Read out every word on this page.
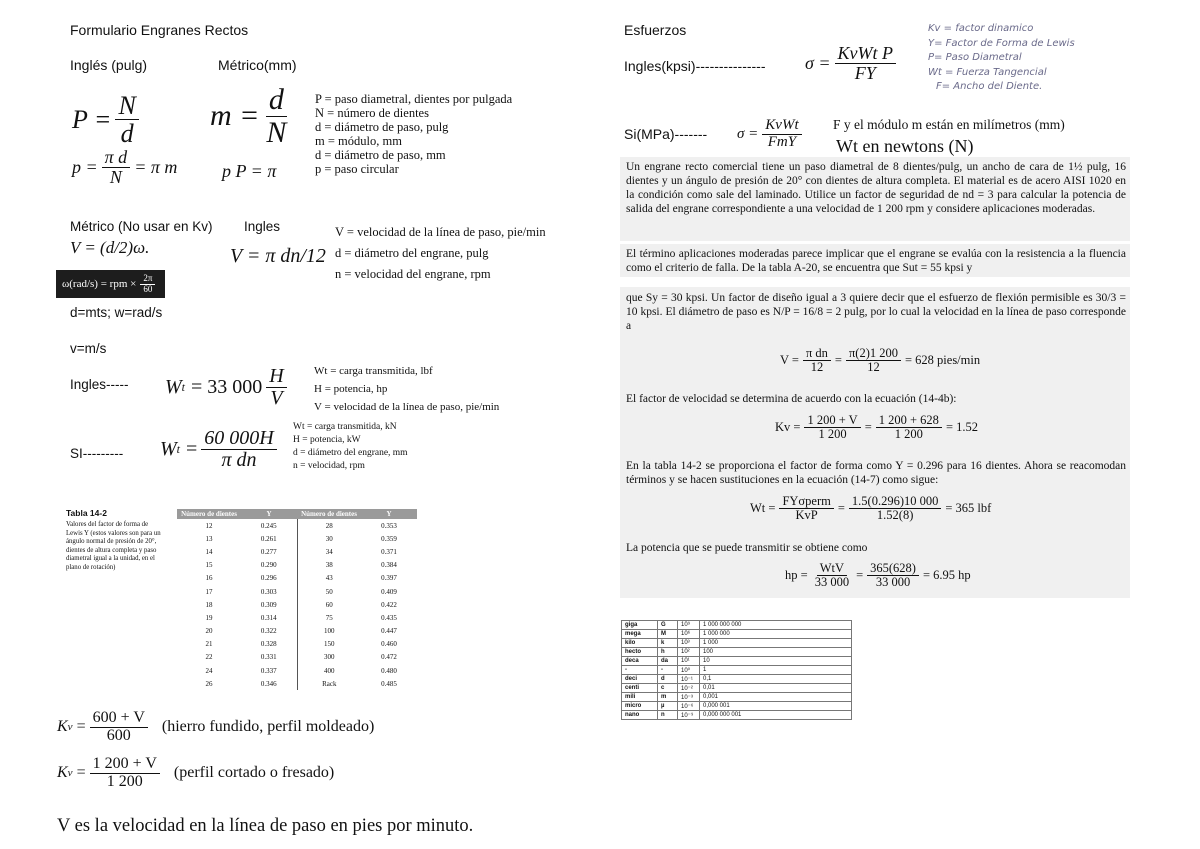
Formulario Engranes Rectos
Inglés (pulg)	Métrico(mm)
$P = \frac{N}{d}$ $m = \frac{d}{N}$ P = paso diametral, dientes por pulgada
N = número de dientes
d = diámetro de paso, pulg
m = módulo, mm
d = diámetro de paso, mm
p = paso circular
$p = \frac{\text{π d}}{N} = \pi$ m p P = π
Métrico (No usar en Kv) Ingles
V = (d/2)ω.	V = π dn/12
V = velocidad de la línea de paso, pie/min
d = diámetro del engrane, pulg
n = velocidad del engrane, rpm
ω(rad/s) = rpm × $\frac{2\pi}{60}$
d=mts; w=rad/s
v=m/s
Ingles----- W t = 33 $000 \frac{H}{V}$ Wt = carga transmitida, lbf
H = potencia, hp
V = velocidad de la línea de paso, pie/min
SI--------- W $t = \frac{60 000H}{\text{π dn}}$
Wt = carga transmitida, kN
H = potencia, kW
d = diámetro del engrane, mm
n = velocidad, rpm
Tabla 14-2
Valores del factor de forma de Lewis Y (estos valores son para un ángulo normal de presión de 20°, dientes de altura completa y paso diametral igual a la unidad, en el plano de rotación)
Número de dientes	Y	Número de dientes	Y
12	0.245	28	0.353
13	0.261	30	0.359
14	0.277	34	0.371
15	0.290	38	0.384
16	0.296	43	0.397
17	0.303	50	0.409
18	0.309	60	0.422
19	0.314	75	0.435
20	0.322	100	0.447
21	0.328	150	0.460
22	0.331	300	0.472
24	0.337	400	0.480
26	0.346	Rack	0.485
K $v = \frac{600 + V}{600}$ (hierro fundido, perfil moldeado)
K $v = \frac{1 200 + V}{1 200}$ (perfil cortado o fresado)
V es la velocidad en la línea de paso en pies por minuto.
Esfuerzos
Ingles(kpsi)--------------- $\sigma = \frac{\text{KvWt P}}{FY}$
Kv = factor dinamico
Y= Factor de Forma de Lewis
P= Paso Diametral
Wt = Fuerza Tangencial
F= Ancho del Diente.
Si(MPa)------- $\sigma = \frac{\text{KvWt}}{\text{FmY}}$ F y el módulo m están en milímetros (mm)
Wt en newtons (N)
Un engrane recto comercial tiene un paso diametral de 8 dientes/pulg, un ancho de cara de 1½ pulg, 16 dientes y un ángulo de presión de 20° con dientes de altura completa. El material es de acero AISI 1020 en la condición como sale del laminado. Utilice un factor de seguridad de nd = 3 para calcular la potencia de salida del engrane correspondiente a una velocidad de 1 200 rpm y considere aplicaciones moderadas.
El término aplicaciones moderadas parece implicar que el engrane se evalúa con la resistencia a la fluencia como el criterio de falla. De la tabla A-20, se encuentra que Sut = 55 kpsi y
que Sy = 30 kpsi. Un factor de diseño igual a 3 quiere decir que el esfuerzo de flexión permisible es 30/3 = 10 kpsi. El diámetro de paso es N/P = 16/8 = 2 pulg, por lo cual la velocidad en la línea de paso corresponde a
$V = \frac{\text{π dn}}{12} = \frac{\pi(2)1 200}{12} = 628$ pies/min
El factor de velocidad se determina de acuerdo con la ecuación (14-4b):
$Kv = \frac{1 200 + V}{1 200} = \frac{1 200 + 628}{1 200} = 1.52$
En la tabla 14-2 se proporciona el factor de forma como Y = 0.296 para 16 dientes. Ahora se reacomodan términos y se hacen sustituciones en la ecuación (14-7) como sigue:
$Wt = \frac{\text{FYσperm}}{\text{KvP}} = \frac{1.5(0.296)10 000}{1.52(8)} = 365$ lbf
La potencia que se puede transmitir se obtiene como
hp = $\frac{\text{WtV}}{33 000} = \frac{365(628)}{33 000} = 6.95$ hp
giga	G	10⁹	1 000 000 000
mega	M	10⁶	1 000 000
kilo	k	10³	1 000
hecto	h	10²	100
deca	da	10¹	10
-	-	10⁰	1
deci	d	10⁻¹	0,1
centi	c	10⁻²	0,01
mili	m	10⁻³	0,001
micro	µ	10⁻⁶	0,000 001
nano	n	10⁻⁹	0,000 000 001
